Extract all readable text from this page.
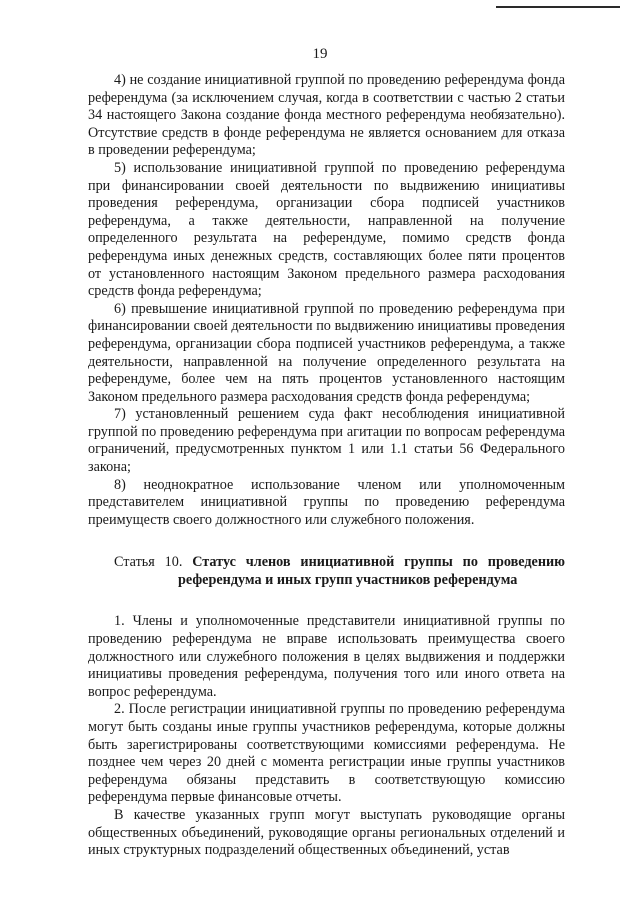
19

4) не создание инициативной группой по проведению референдума фонда референдума (за исключением случая, когда в соответствии с частью 2 статьи 34 настоящего Закона создание фонда местного референдума необязательно). Отсутствие средств в фонде референдума не является основанием для отказа в проведении референдума;

5) использование инициативной группой по проведению референдума при финансировании своей деятельности по выдвижению инициативы проведения референдума, организации сбора подписей участников референдума, а также деятельности, направленной на получение определенного результата на референдуме, помимо средств фонда референдума иных денежных средств, составляющих более пяти процентов от установленного настоящим Законом предельного размера расходования средств фонда референдума;

6) превышение инициативной группой по проведению референдума при финансировании своей деятельности по выдвижению инициативы проведения референдума, организации сбора подписей участников референдума, а также деятельности, направленной на получение определенного результата на референдуме, более чем на пять процентов установленного настоящим Законом предельного размера расходования средств фонда референдума;

7) установленный решением суда факт несоблюдения инициативной группой по проведению референдума при агитации по вопросам референдума ограничений, предусмотренных пунктом 1 или 1.1 статьи 56 Федерального закона;

8) неоднократное использование членом или уполномоченным представителем инициативной группы по проведению референдума преимуществ своего должностного или служебного положения.

Статья 10. Статус членов инициативной группы по проведению референдума и иных групп участников референдума

1. Члены и уполномоченные представители инициативной группы по проведению референдума не вправе использовать преимущества своего должностного или служебного положения в целях выдвижения и поддержки инициативы проведения референдума, получения того или иного ответа на вопрос референдума.

2. После регистрации инициативной группы по проведению референдума могут быть созданы иные группы участников референдума, которые должны быть зарегистрированы соответствующими комиссиями референдума. Не позднее чем через 20 дней с момента регистрации иные группы участников референдума обязаны представить в соответствующую комиссию референдума первые финансовые отчеты.

В качестве указанных групп могут выступать руководящие органы общественных объединений, руководящие органы региональных отделений и иных структурных подразделений общественных объединений, устав
